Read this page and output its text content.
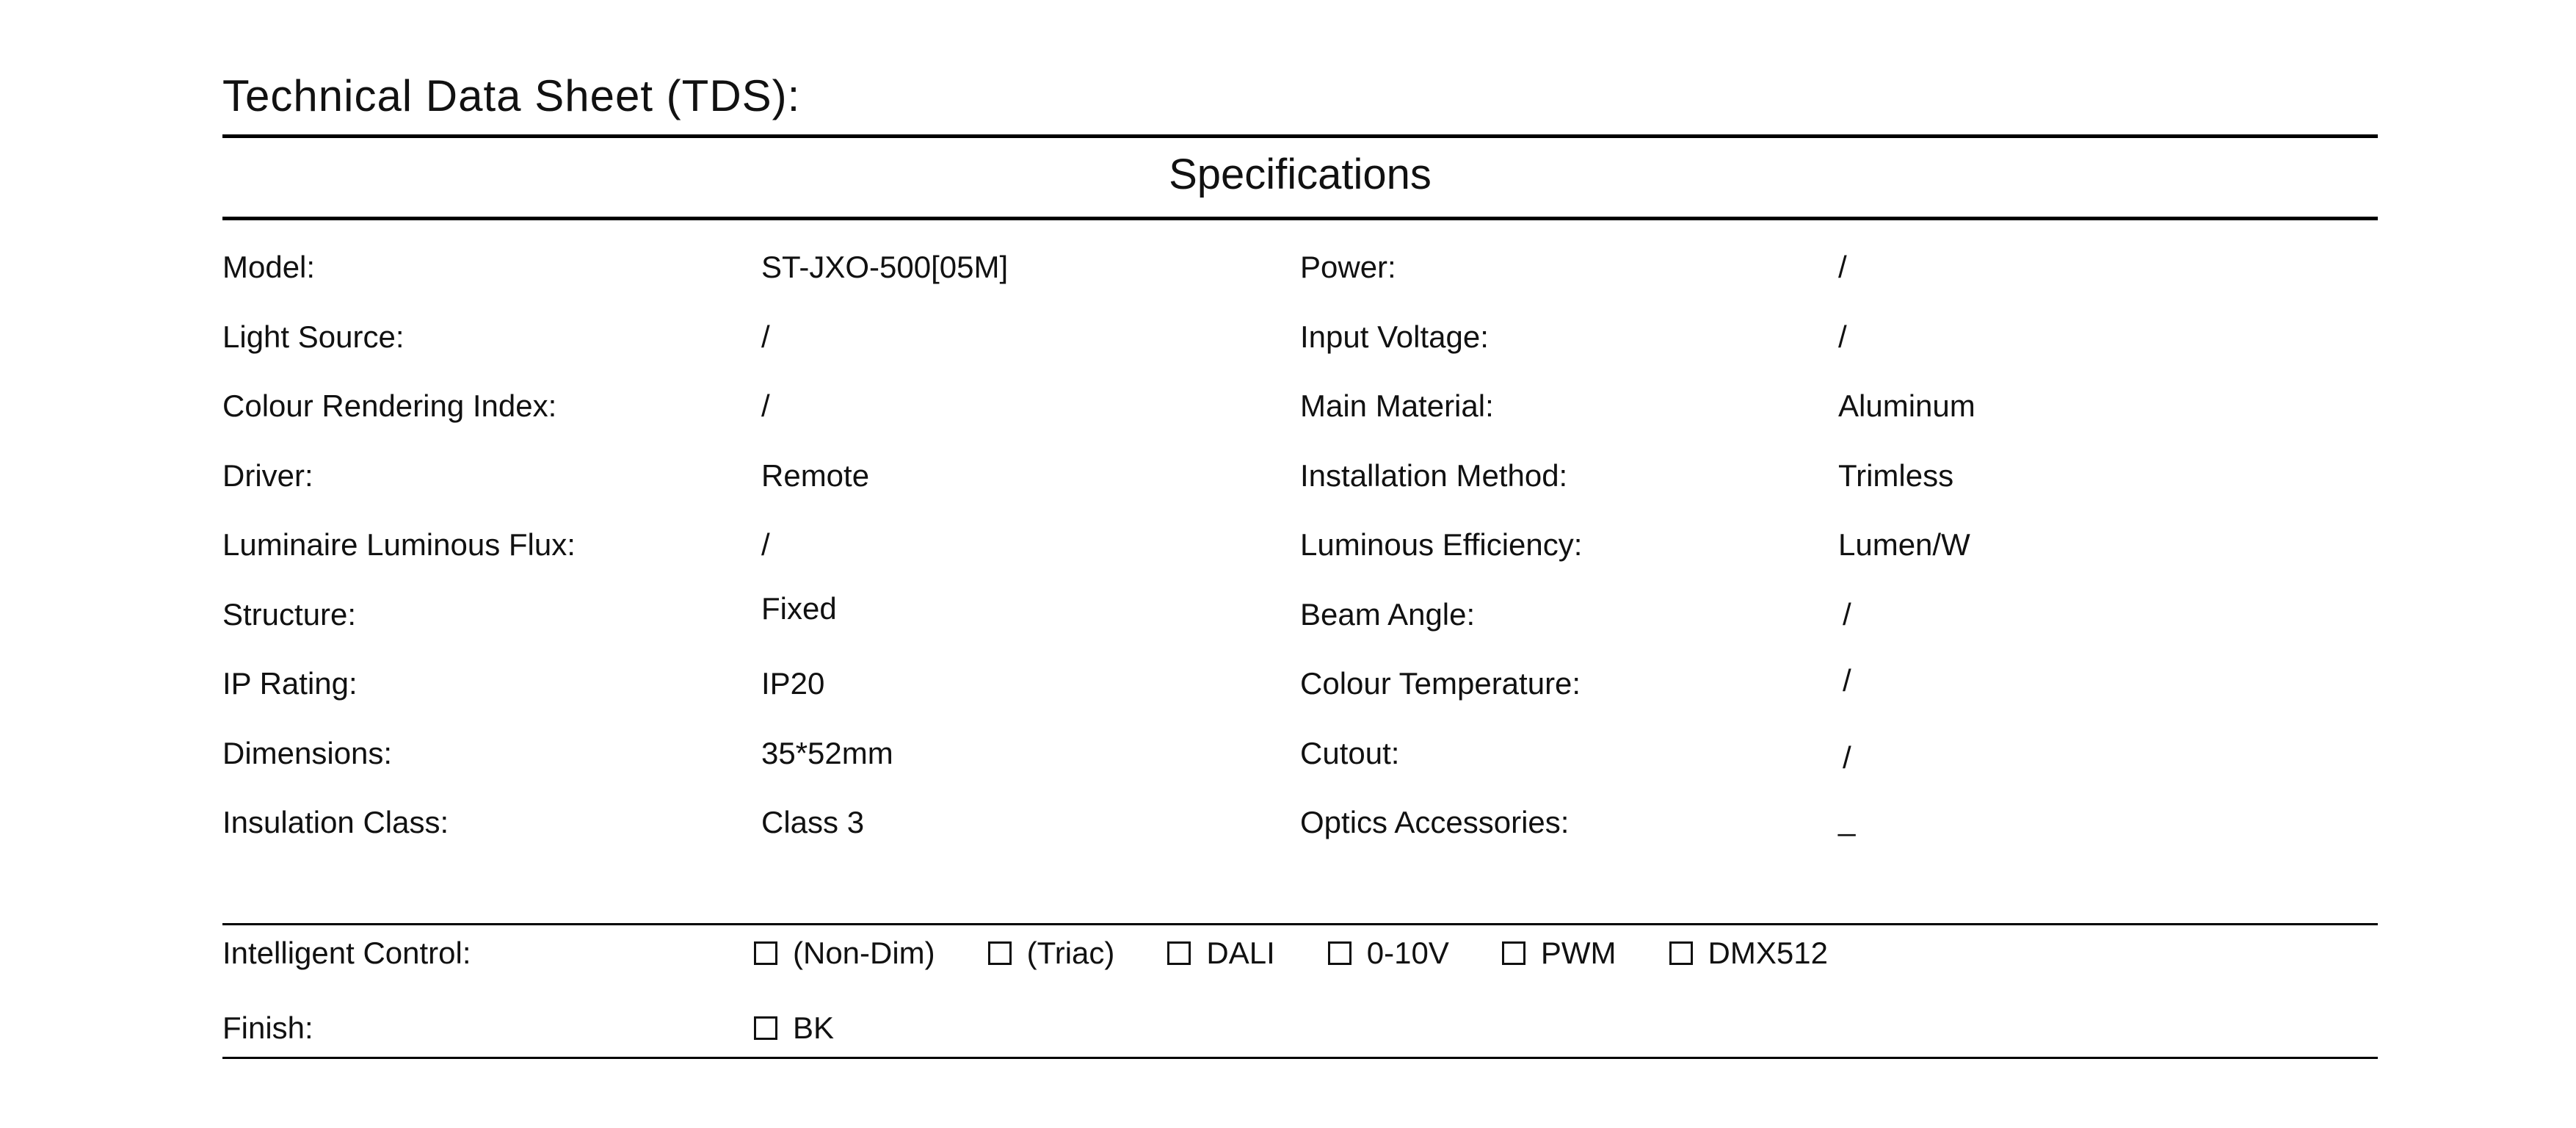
Technical Data Sheet (TDS):
Specifications
Model:	ST-JXO-500[05M]	Power:	/
Light Source:	/	Input Voltage:	/
Colour Rendering Index:	/	Main Material:	Aluminum
Driver:	Remote	Installation Method:	Trimless
Luminaire Luminous Flux:	/	Luminous Efficiency:	Lumen/W
Structure:	Fixed	Beam Angle:	/
IP Rating:	IP20	Colour Temperature:	/
Dimensions:	35*52mm	Cutout:	/
Insulation Class:	Class 3	Optics Accessories:	_
Intelligent Control:	(Non-Dim)	(Triac)	DALI	0-10V	PWM	DMX512
Finish:	BK
